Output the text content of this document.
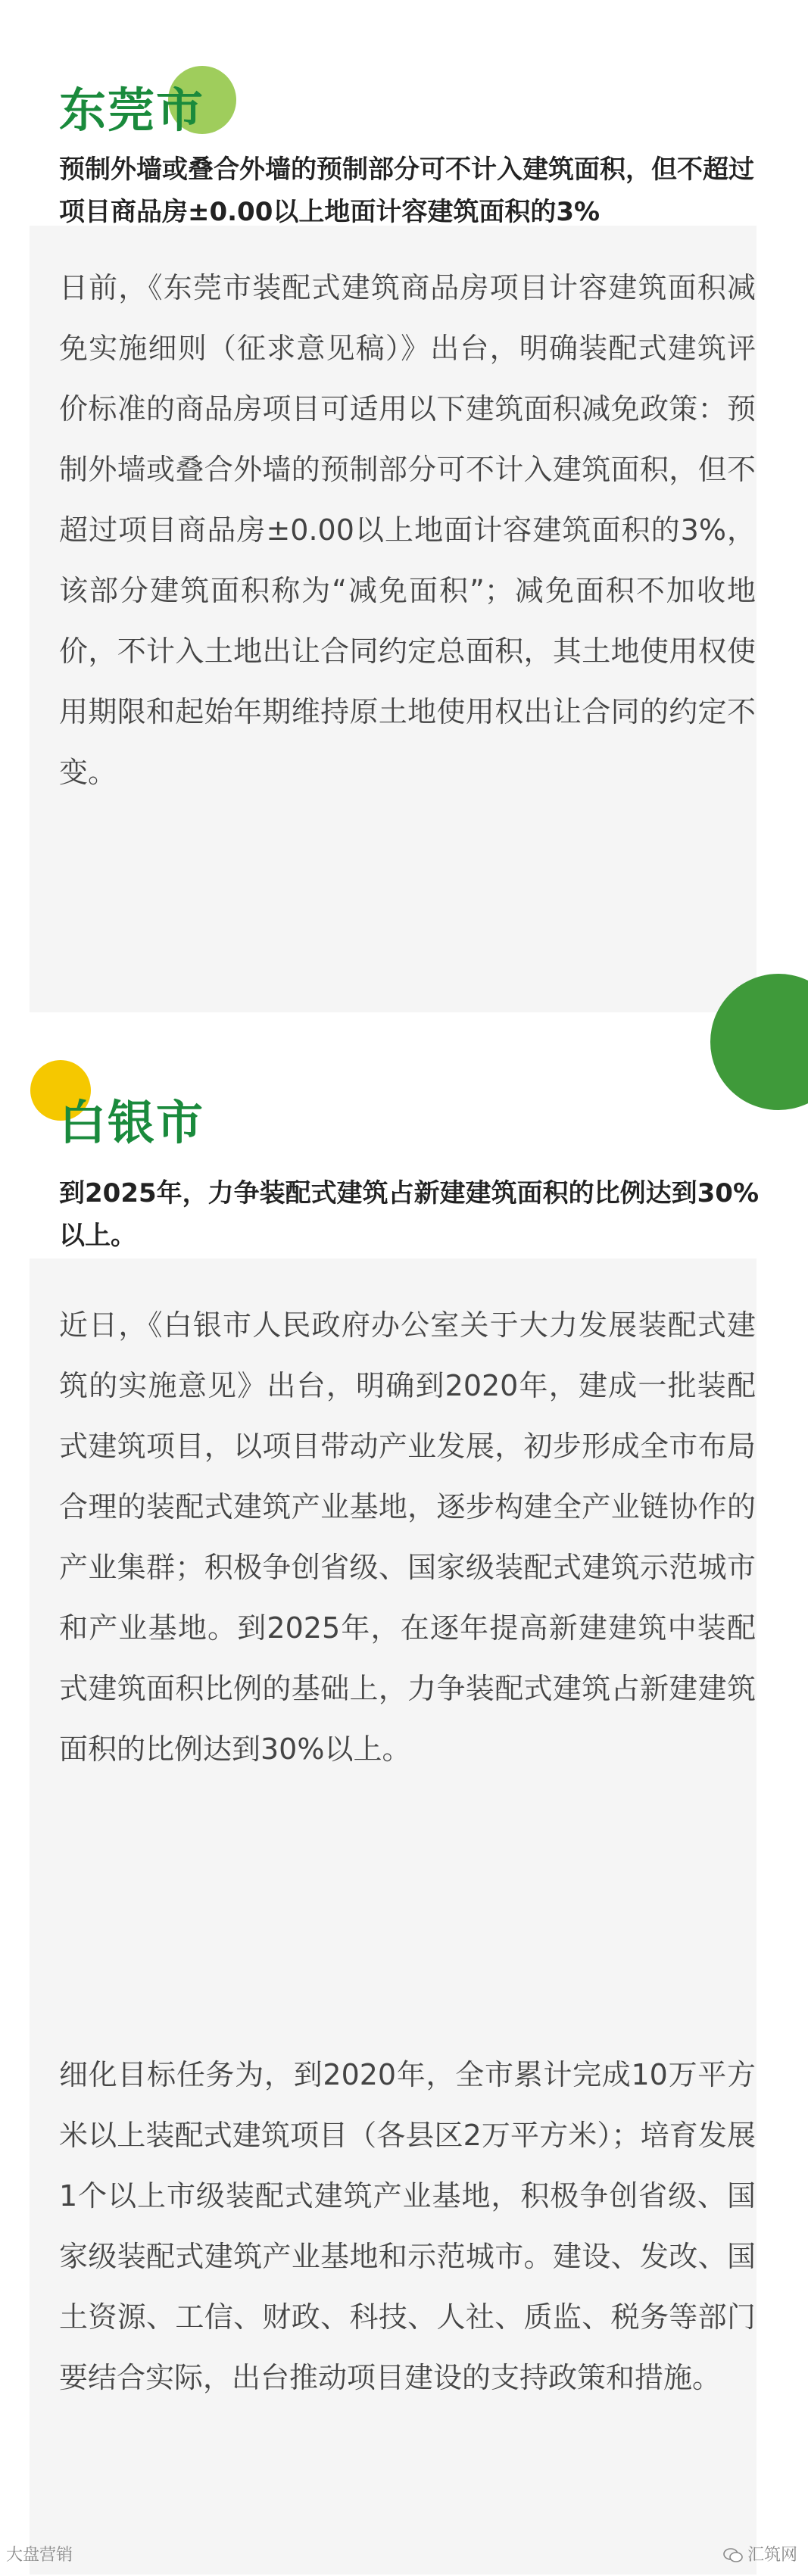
东莞市

预制外墙或叠合外墙的预制部分可不计入建筑面积，但不超过项目商品房±0.00以上地面计容建筑面积的3%

日前，《东莞市装配式建筑商品房项目计容建筑面积减免实施细则（征求意见稿）》出台，明确装配式建筑评价标准的商品房项目可适用以下建筑面积减免政策：预制外墙或叠合外墙的预制部分可不计入建筑面积，但不超过项目商品房±0.00以上地面计容建筑面积的3%，该部分建筑面积称为“减免面积”；减免面积不加收地价，不计入土地出让合同约定总面积，其土地使用权使用期限和起始年期维持原土地使用权出让合同的约定不变。

白银市

到2025年，力争装配式建筑占新建建筑面积的比例达到30%以上。

近日，《白银市人民政府办公室关于大力发展装配式建筑的实施意见》出台，明确到2020年，建成一批装配式建筑项目，以项目带动产业发展，初步形成全市布局合理的装配式建筑产业基地，逐步构建全产业链协作的产业集群；积极争创省级、国家级装配式建筑示范城市和产业基地。到2025年，在逐年提高新建建筑中装配式建筑面积比例的基础上，力争装配式建筑占新建建筑面积的比例达到30%以上。

细化目标任务为，到2020年，全市累计完成10万平方米以上装配式建筑项目（各县区2万平方米）；培育发展1个以上市级装配式建筑产业基地，积极争创省级、国家级装配式建筑产业基地和示范城市。建设、发改、国土资源、工信、财政、科技、人社、质监、税务等部门要结合实际，出台推动项目建设的支持政策和措施。

大盘营销	汇筑网
